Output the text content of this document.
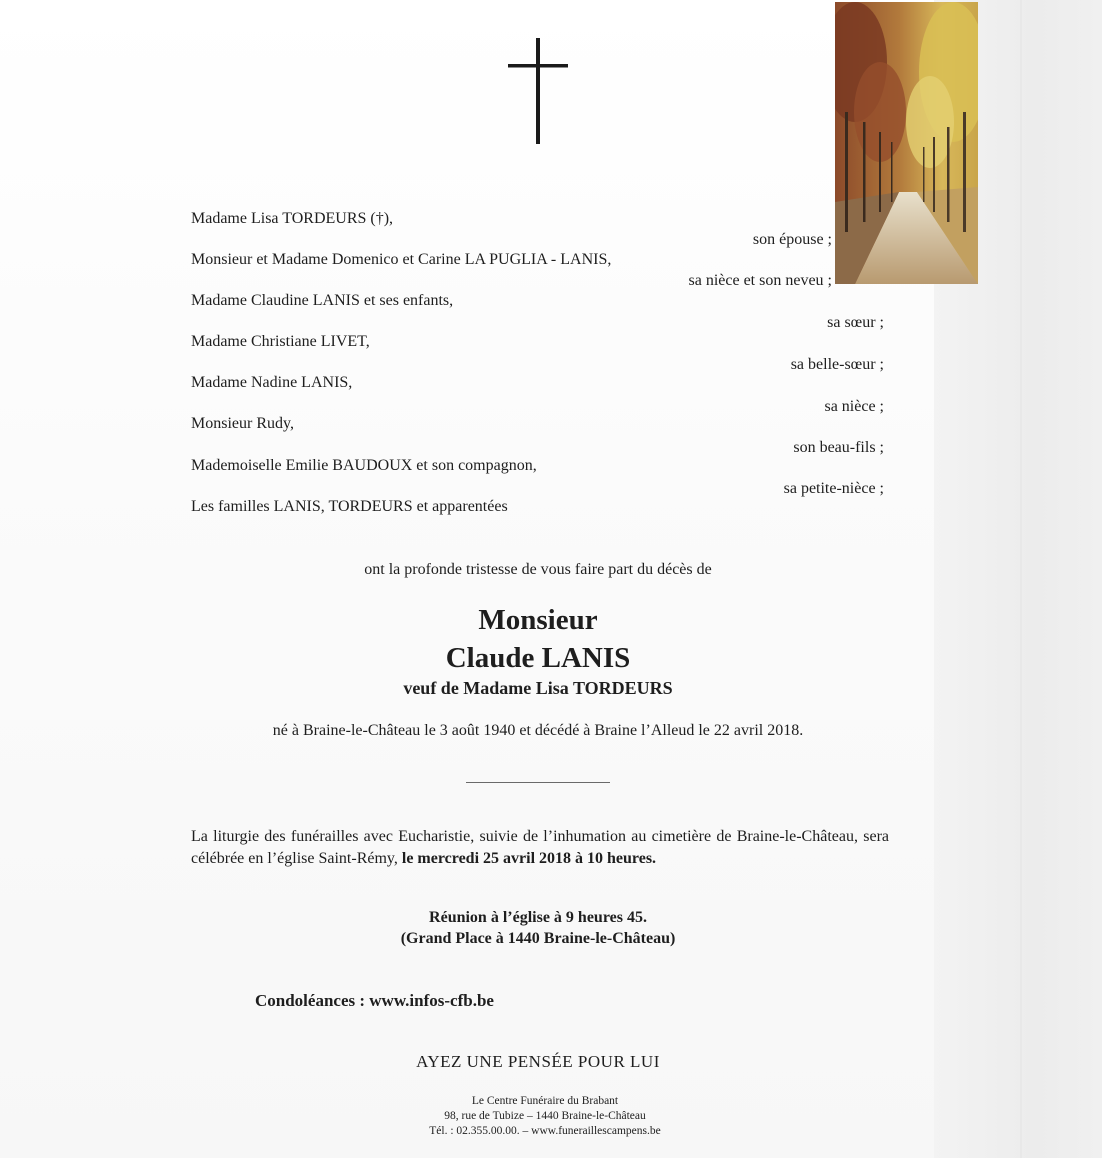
Madame Lisa TORDEURS (†),
son épouse ;
Monsieur et Madame Domenico et Carine LA PUGLIA - LANIS,
sa nièce et son neveu ;
Madame Claudine LANIS et ses enfants,
sa sœur ;
Madame Christiane LIVET,
sa belle-sœur ;
Madame Nadine LANIS,
sa nièce ;
Monsieur Rudy,
son beau-fils ;
Mademoiselle Emilie BAUDOUX et son compagnon,
sa petite-nièce ;
Les familles LANIS, TORDEURS et apparentées
ont la profonde tristesse de vous faire part du décès de
Monsieur
Claude LANIS
veuf de Madame Lisa TORDEURS
né à Braine-le-Château le 3 août 1940 et décédé à Braine l’Alleud le 22 avril 2018.
La liturgie des funérailles avec Eucharistie, suivie de l’inhumation au cimetière de Braine-le-Château, sera célébrée en l’église Saint-Rémy, le mercredi 25 avril 2018 à 10 heures.
Réunion à l’église à 9 heures 45.
(Grand Place à 1440 Braine-le-Château)
Condoléances : www.infos-cfb.be
AYEZ UNE PENSÉE POUR LUI
Le Centre Funéraire du Brabant
98, rue de Tubize – 1440 Braine-le-Château
Tél. : 02.355.00.00. – www.funeraillescampens.be
